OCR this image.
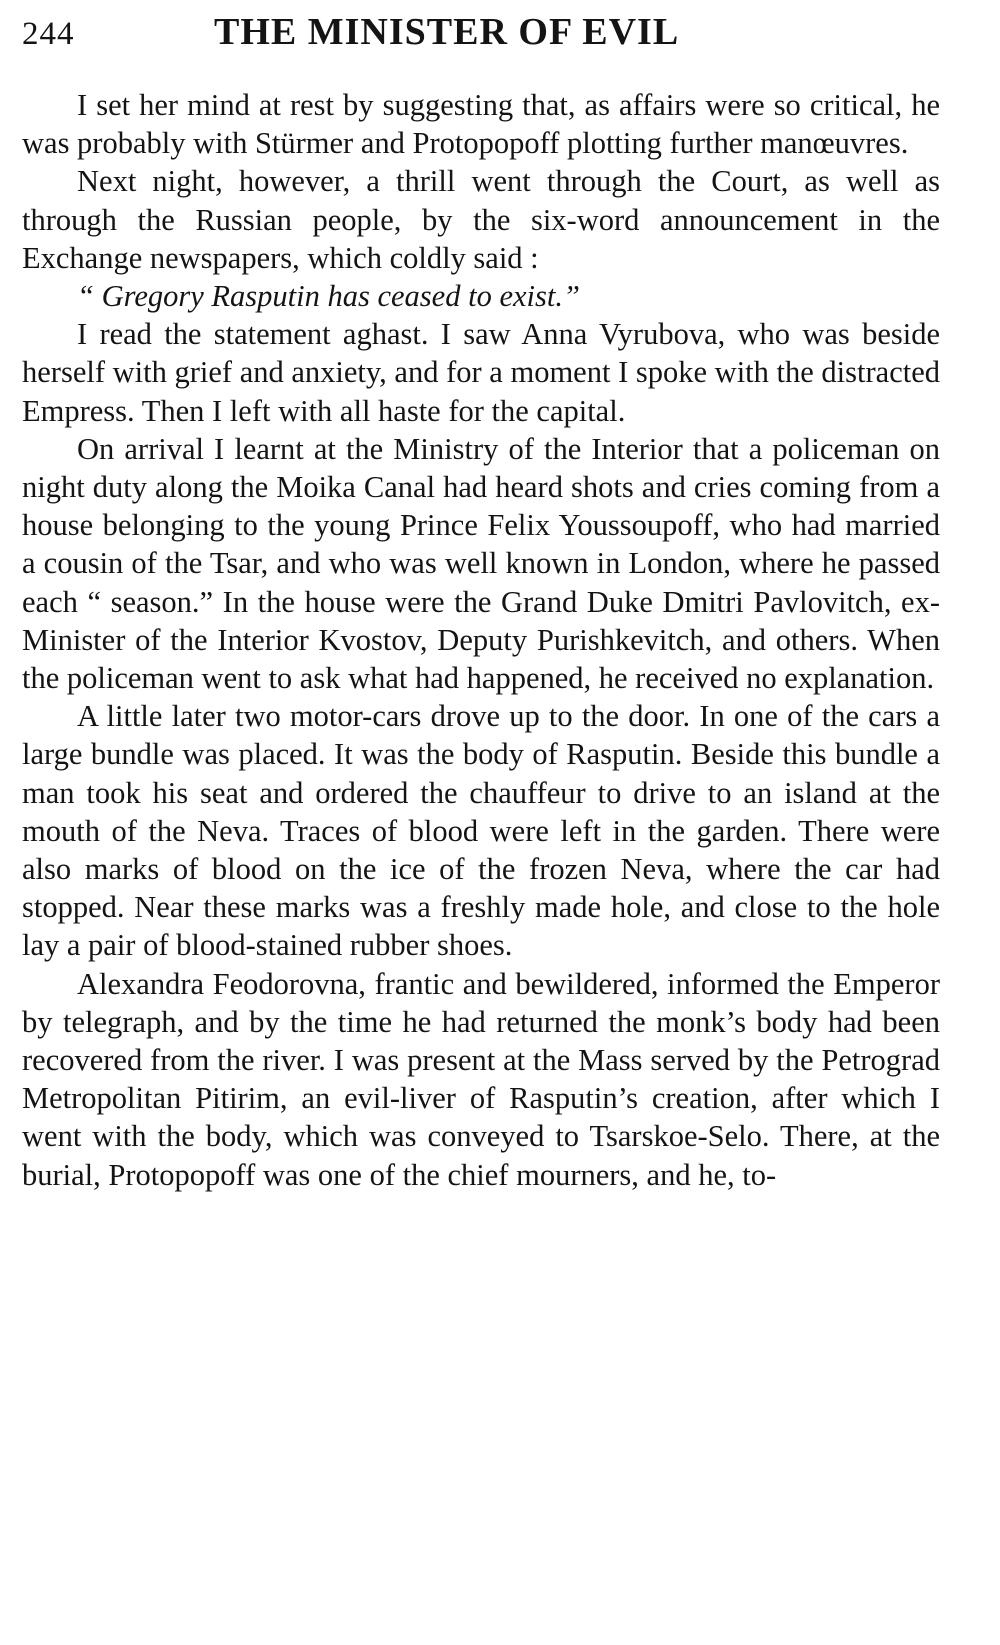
244	THE MINISTER OF EVIL

I set her mind at rest by suggesting that, as affairs were so critical, he was probably with Stürmer and Protopopoff plotting further manœuvres.

Next night, however, a thrill went through the Court, as well as through the Russian people, by the six-word announcement in the Exchange newspapers, which coldly said :

“ Gregory Rasputin has ceased to exist.”

I read the statement aghast. I saw Anna Vyrubova, who was beside herself with grief and anxiety, and for a moment I spoke with the distracted Empress. Then I left with all haste for the capital.

On arrival I learnt at the Ministry of the Interior that a policeman on night duty along the Moika Canal had heard shots and cries coming from a house belonging to the young Prince Felix Youssoupoff, who had married a cousin of the Tsar, and who was well known in London, where he passed each “ season.” In the house were the Grand Duke Dmitri Pavlovitch, ex-Minister of the Interior Kvostov, Deputy Purishkevitch, and others. When the policeman went to ask what had happened, he received no explanation.

A little later two motor-cars drove up to the door. In one of the cars a large bundle was placed. It was the body of Rasputin. Beside this bundle a man took his seat and ordered the chauffeur to drive to an island at the mouth of the Neva. Traces of blood were left in the garden. There were also marks of blood on the ice of the frozen Neva, where the car had stopped. Near these marks was a freshly made hole, and close to the hole lay a pair of blood-stained rubber shoes.

Alexandra Feodorovna, frantic and bewildered, informed the Emperor by telegraph, and by the time he had returned the monk’s body had been recovered from the river. I was present at the Mass served by the Petrograd Metropolitan Pitirim, an evil-liver of Rasputin’s creation, after which I went with the body, which was conveyed to Tsarskoe-Selo. There, at the burial, Protopopoff was one of the chief mourners, and he, to-
